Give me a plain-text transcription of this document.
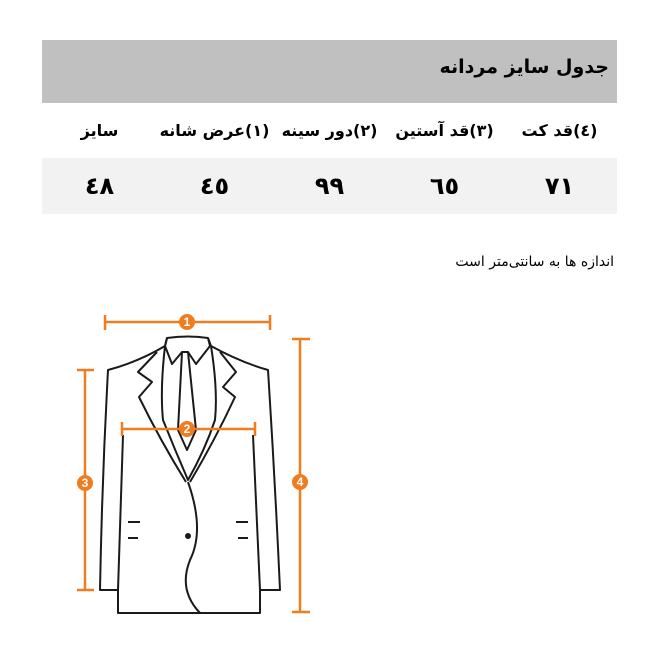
جدول سایز مردانه
(٤)قد کت
(٣)قد آستین
(٢)دور سینه
(١)عرض شانه
سایز
٧١
٦٥
٩٩
٤٥
٤٨
اندازه ها به سانتی‌متر است
1
2
3	4
